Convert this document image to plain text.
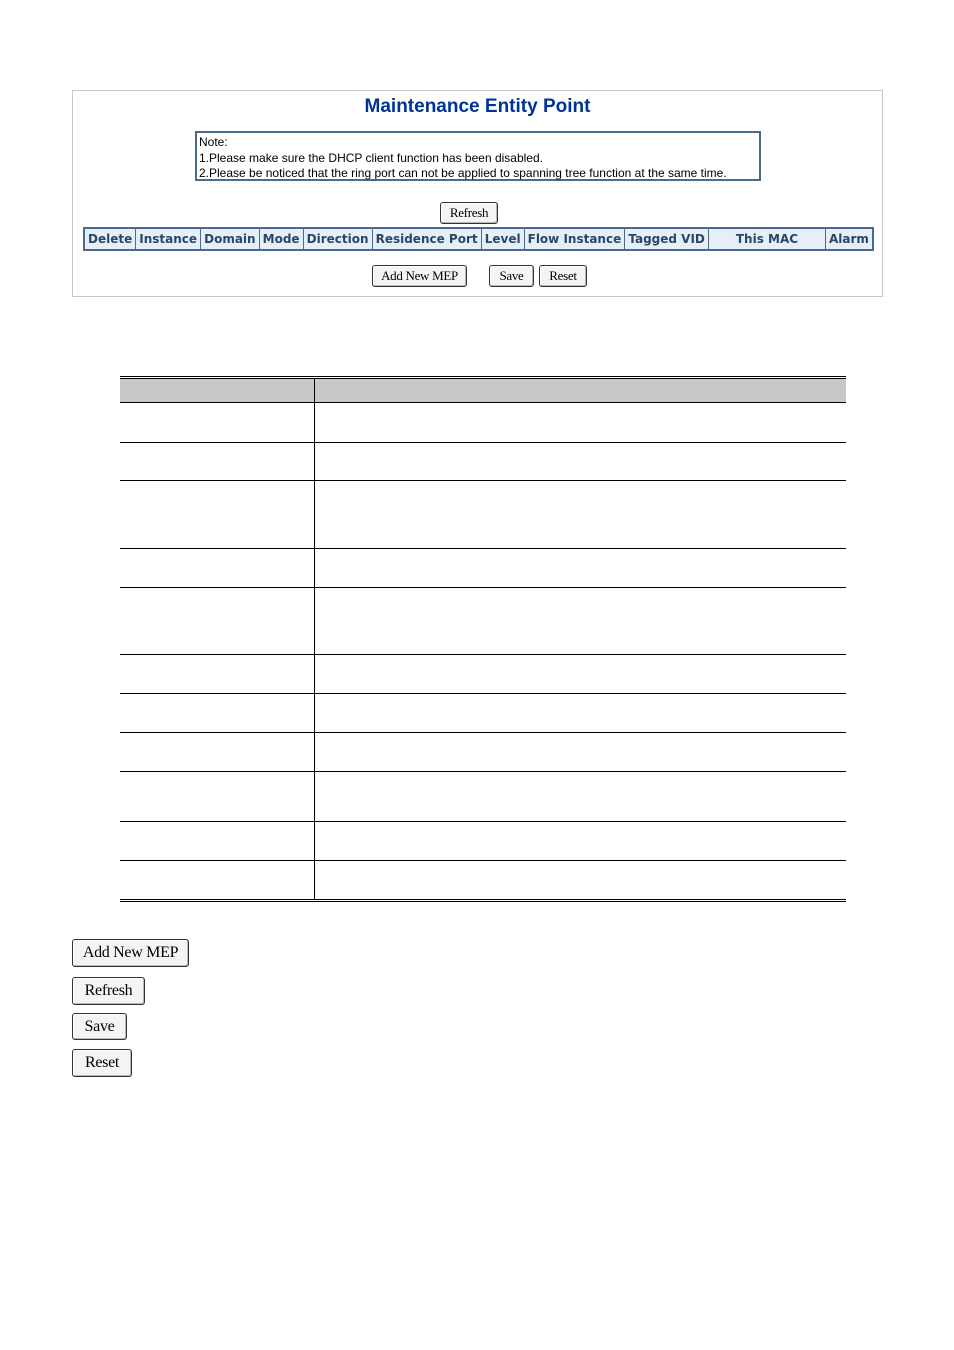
Maintenance Entity Point
Note:
1.Please make sure the DHCP client function has been disabled.
2.Please be noticed that the ring port can not be applied to spanning tree function at the same time.
Refresh
Delete	Instance	Domain	Mode	Direction	Residence Port	Level	Flow Instance	Tagged VID	This MAC	Alarm
Add New MEP	Save	Reset

Add New MEP
Refresh
Save
Reset
